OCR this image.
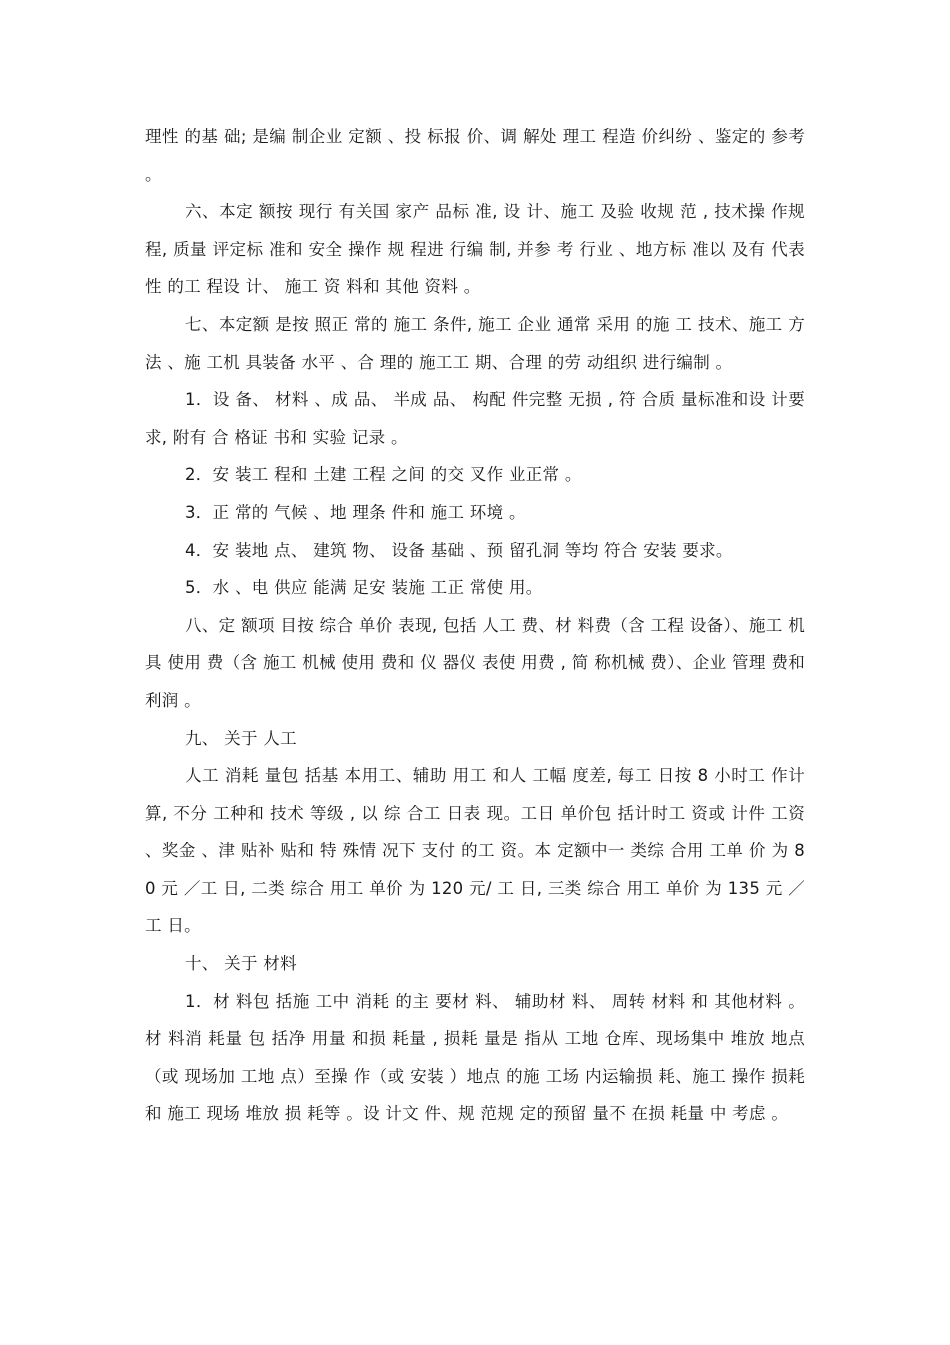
理性 的基 础; 是编 制企业 定额 、投 标报 价、调 解处 理工 程造 价纠纷 、鉴定的 参考 。

六、本定 额按 现行 有关国 家产 品标 准, 设 计、施工 及验 收规 范 , 技术操 作规 程, 质量 评定标 准和 安全 操作 规 程进 行编 制, 并参 考 行业 、地方标 准以 及有 代表 性 的工 程设 计、 施工 资 料和 其他 资料 。

七、本定额 是按 照正 常的 施工 条件, 施工 企业 通常 采用 的施 工 技术、施工 方法 、施 工机 具装备 水平 、合 理的 施工工 期、合理 的劳 动组织 进行编制 。

1．设 备、 材料 、成 品、 半成 品、 构配 件完整 无损 , 符 合质 量标准和设 计要 求, 附有 合 格证 书和 实验 记录 。

2．安 装工 程和 土建 工程 之间 的交 叉作 业正常 。

3．正 常的 气候 、地 理条 件和 施工 环境 。

4．安 装地 点、 建筑 物、 设备 基础 、预 留孔洞 等均 符合 安装 要求。

5．水 、电 供应 能满 足安 装施 工正 常使 用。

八、定 额项 目按 综合 单价 表现, 包括 人工 费、材 料费（含 工程 设备）、施工 机具 使用 费（含 施工 机械 使用 费和 仪 器仪 表使 用费 , 简 称机械 费）、企业 管理 费和 利润 。

九、 关于 人工

人工 消耗 量包 括基 本用工、辅助 用工 和人 工幅 度差, 每工 日按 8 小时工 作计 算, 不分 工种和 技术 等级 , 以 综 合工 日表 现。工日 单价包 括计时工 资或 计件 工资 、奖金 、津 贴补 贴和 特 殊情 况下 支付 的工 资。本 定额中一 类综 合用 工单 价 为 80 元 ／工 日, 二类 综合 用工 单价 为 120 元/ 工 日, 三类 综合 用工 单价 为 135 元 ／工 日。

十、 关于 材料

1．材 料包 括施 工中 消耗 的主 要材 料、 辅助材 料、 周转 材料 和 其他材料 。材 料消 耗量 包 括净 用量 和损 耗量 , 损耗 量是 指从 工地 仓库、现场集中 堆放 地点（或 现场加 工地 点）至操 作（或 安装 ）地点 的施 工场 内运输损 耗、施工 操作 损耗和 施工 现场 堆放 损 耗等 。设 计文 件、规 范规 定的预留 量不 在损 耗量 中 考虑 。
